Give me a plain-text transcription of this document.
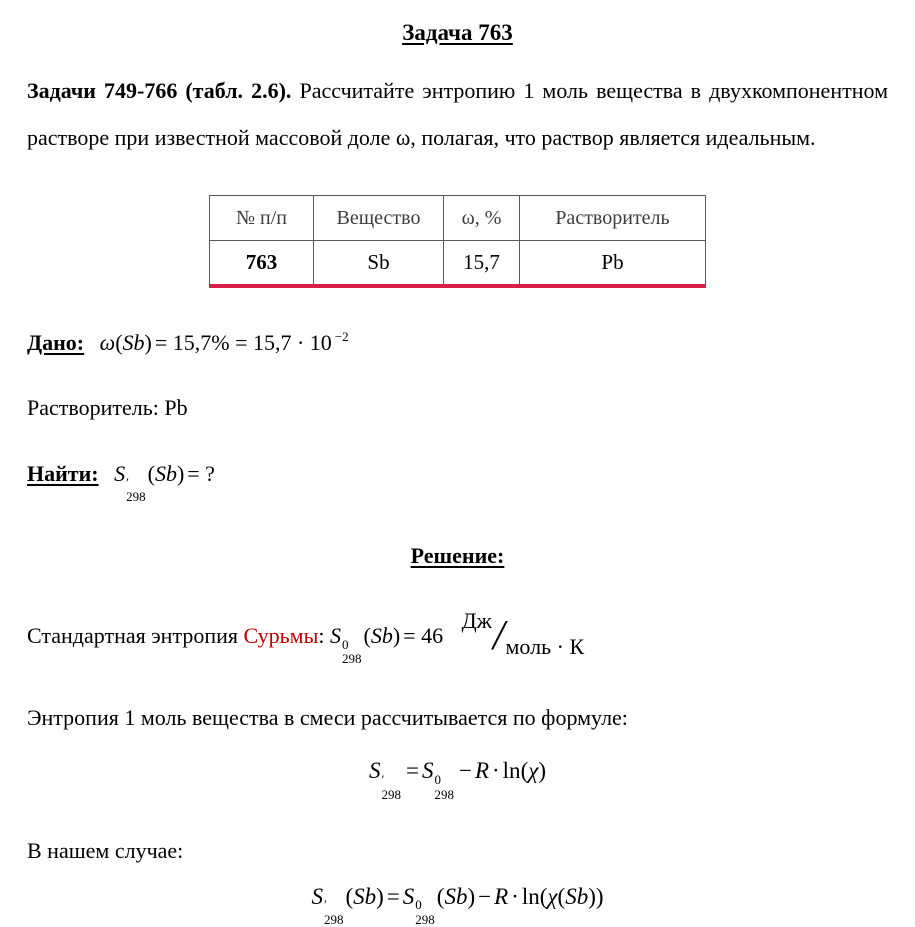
Задача 763

Задачи 749-766 (табл. 2.6). Рассчитайте энтропию 1 моль вещества в двухкомпонентном растворе при известной массовой доле ω, полагая, что раствор является идеальным.

№ п/п	Вещество	ω, %	Растворитель
763	Sb	15,7	Pb

Дано: ω(Sb) = 15,7% = 15,7 · 10 $^{-2}$

Растворитель: Pb

Найти: S ′
298
(Sb) = ?

Решение:

Стандартная энтропия Сурьмы: S 0
298
(Sb) = 46 Дж/моль · К

Энтропия 1 моль вещества в смеси рассчитывается по формуле:

S ′
298
= S 0
298
− R · ln(χ)

В нашем случае:

S ′
298
(Sb) = S 0
298
(Sb) − R · ln(χ(Sb))
